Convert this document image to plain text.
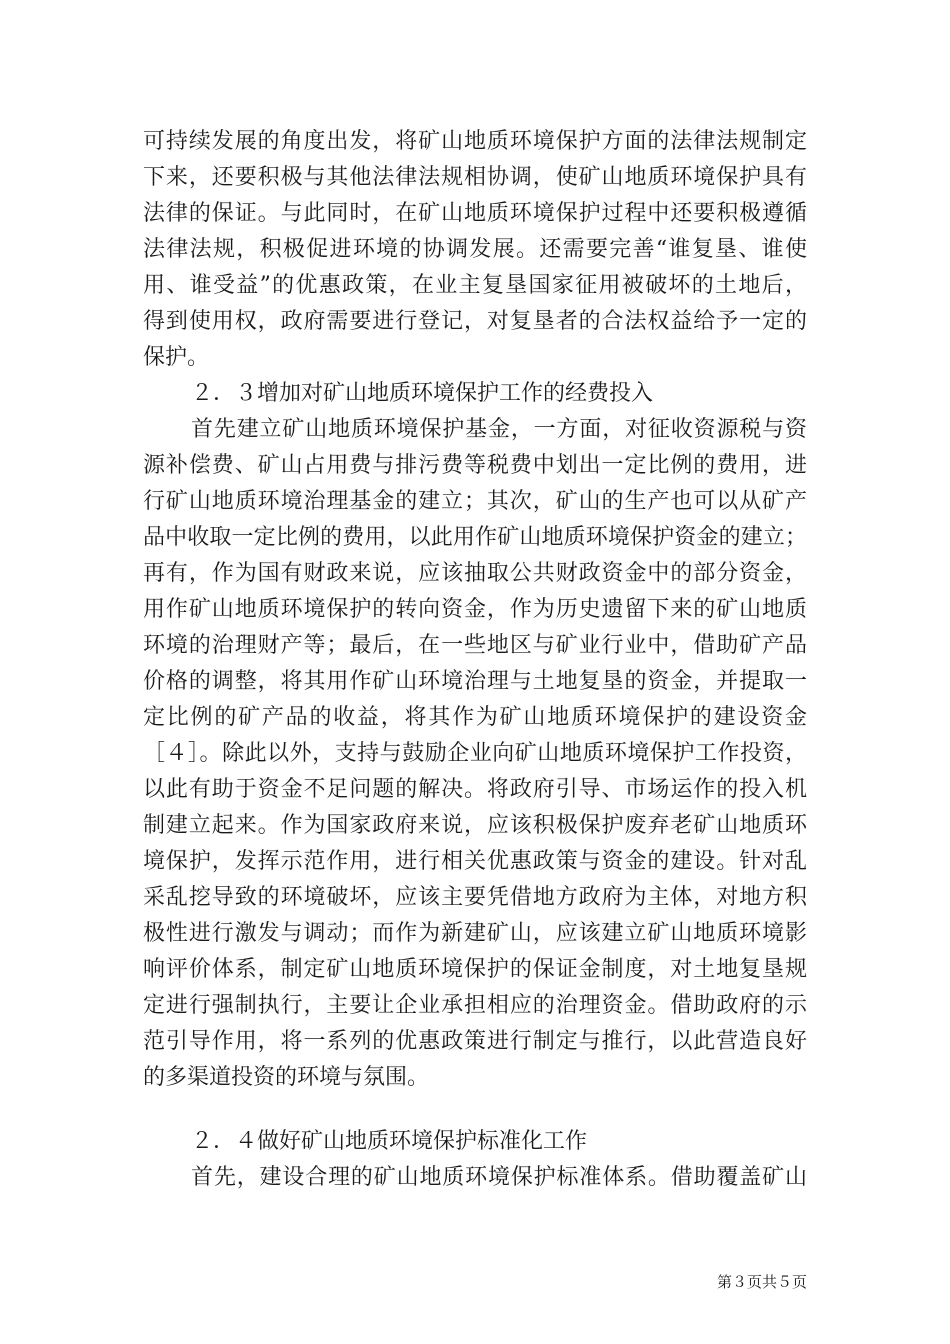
可持续发展的角度出发，将矿山地质环境保护方面的法律法规制定
下来，还要积极与其他法律法规相协调，使矿山地质环境保护具有
法律的保证。与此同时，在矿山地质环境保护过程中还要积极遵循
法律法规，积极促进环境的协调发展。还需要完善“谁复垦、谁使
用、谁受益”的优惠政策，在业主复垦国家征用被破坏的土地后，
得到使用权，政府需要进行登记，对复垦者的合法权益给予一定的
保护。
２．３增加对矿山地质环境保护工作的经费投入
首先建立矿山地质环境保护基金，一方面，对征收资源税与资
源补偿费、矿山占用费与排污费等税费中划出一定比例的费用，进
行矿山地质环境治理基金的建立；其次，矿山的生产也可以从矿产
品中收取一定比例的费用，以此用作矿山地质环境保护资金的建立；
再有，作为国有财政来说，应该抽取公共财政资金中的部分资金，
用作矿山地质环境保护的转向资金，作为历史遗留下来的矿山地质
环境的治理财产等；最后，在一些地区与矿业行业中，借助矿产品
价格的调整，将其用作矿山环境治理与土地复垦的资金，并提取一
定比例的矿产品的收益，将其作为矿山地质环境保护的建设资金
［４］。除此以外，支持与鼓励企业向矿山地质环境保护工作投资，
以此有助于资金不足问题的解决。将政府引导、市场运作的投入机
制建立起来。作为国家政府来说，应该积极保护废弃老矿山地质环
境保护，发挥示范作用，进行相关优惠政策与资金的建设。针对乱
采乱挖导致的环境破坏，应该主要凭借地方政府为主体，对地方积
极性进行激发与调动；而作为新建矿山，应该建立矿山地质环境影
响评价体系，制定矿山地质环境保护的保证金制度，对土地复垦规
定进行强制执行，主要让企业承担相应的治理资金。借助政府的示
范引导作用，将一系列的优惠政策进行制定与推行，以此营造良好
的多渠道投资的环境与氛围。
２．４做好矿山地质环境保护标准化工作
首先，建设合理的矿山地质环境保护标准体系。借助覆盖矿山
第３页共５页
